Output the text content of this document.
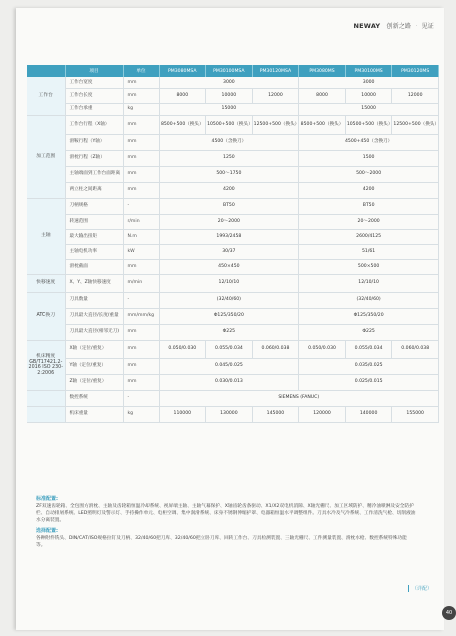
NEWAY 创新之路 · 见证
	项目	单位	PM3080MSA	PM30100MSA	PM30120MSA	PM3080MS	PM30100MS	PM30120MS
工作台	工作台宽度	mm	3000			3000		
	工作台长度	mm	8000	10000	12000	8000	10000	12000
	工作台承重	kg	15000			15000		
加工范围	工作台行程（X轴）	mm	8500+500（换头）	10500+500（换头）	12500+500（换头）	8500+500（换头）	10500+500（换头）	12500+500（换头）
	滑鞍行程（Y轴）	mm	4500（含换刀）			4500+450（含换刀）		
	滑枕行程（Z轴）	mm	1250			1500		
	主轴端面到工作台面距离	mm	500～1750			500～2000		
	两立柱之间距离	mm	4200			4200		
主轴	刀柄规格	-	BT50			BT50		
	转速范围	r/min	20～2000			20～2000		
	最大输出扭矩	N.m	1993/2458			2600/4125		
	主轴电机功率	kW	30/37			51/61		
	滑枕截面	mm	450×450			500×500		
快移速度	X、Y、Z轴快移速度	m/min	12/10/10			12/10/10		
ATC换刀	刀具数量	-	(32/40/60)			(32/40/60)		
	刀具最大直径/长度/重量	mm/mm/kg	Φ125/350/20			Φ125/350/20		
	刀具最大直径(相邻无刀)	mm	Φ225			Φ225		
机床精度 GB/T17421.2-2016 ISO 230-2:2006	X轴（定位/重复）	mm	0.050/0.030	0.055/0.034	0.060/0.038	0.050/0.030	0.055/0.034	0.060/0.038
	Y轴（定位/重复）	mm	0.045/0.025			0.035/0.025		
	Z轴（定位/重复）	mm	0.030/0.013			0.025/0.015		
	数控系统	-	SIEMENS (FANUC)					
	机床重量	kg	110000	130000	145000	120000	140000	155000
标准配置:

ZF双速齿轮箱、全包围方滑枕、主轴及齿轮箱恒温冷却系统、视屏端主轴、主轴气幕保护、X轴齿轮齿条驱动、X1/X2双电机消隙、X轴光栅尺、加工区域防护、精冷油喷淋及安全防护栏、自动排屑系统、LED照明灯及警示灯、手持操作单元、电柜空调、集中润滑系统、床身不锈钢伸缩护罩、电器箱恒温水平调整组件。刀具水冷及气冷系统、工作清洗气枪、切削液油水分离装置。

选择配置:

各种附件铣头、DIN/CAT/ISO规格拉钉及刀柄、32/40/60把刀库、32/40/60把立卧刀库、回转工作台、刀具检测装置、三轴光栅尺、工件测量装置、滑枕水枪、数控系统特殊功能等。

（详配）
40
